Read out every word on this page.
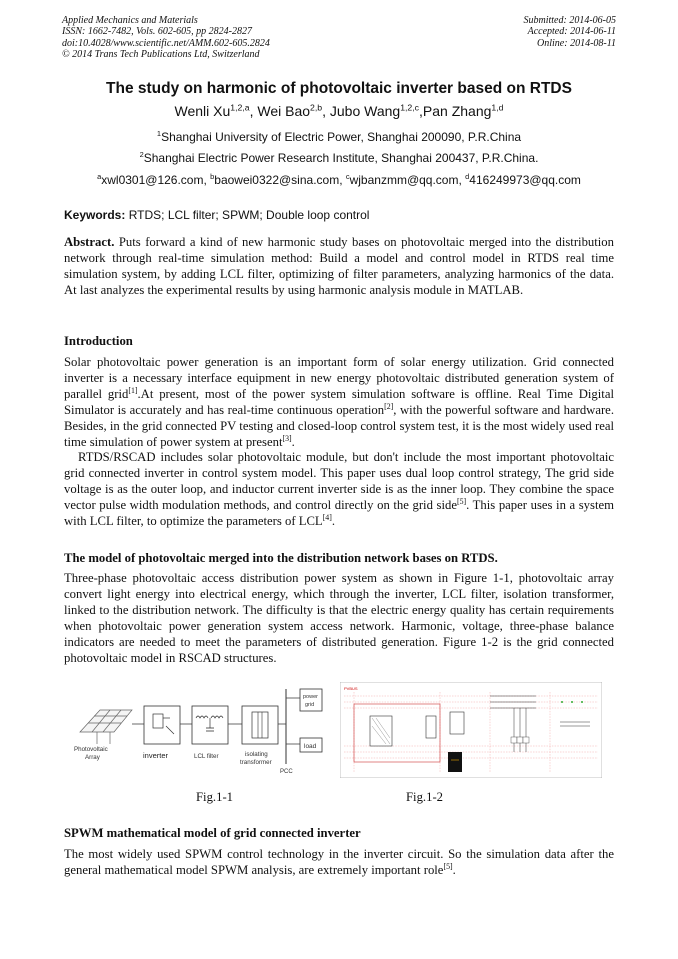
Applied Mechanics and Materials
ISSN: 1662-7482, Vols. 602-605, pp 2824-2827
doi:10.4028/www.scientific.net/AMM.602-605.2824
© 2014 Trans Tech Publications Ltd, Switzerland
Submitted: 2014-06-05
Accepted: 2014-06-11
Online: 2014-08-11
The study on harmonic of photovoltaic inverter based on RTDS
Wenli Xu$^{1,2,a}$, Wei Bao$^{2,b}$, Jubo Wang$^{1,2,c}$,Pan Zhang$^{1,d}$
$^1$Shanghai University of Electric Power, Shanghai 200090, P.R.China
$^2$Shanghai Electric Power Research Institute, Shanghai 200437, P.R.China.
$^a$xwl0301@126.com, $^b$baowei0322@sina.com, $^c$wjbanzmm@qq.com, $^d$416249973@qq.com
Keywords: RTDS; LCL filter; SPWM; Double loop control

Abstract. Puts forward a kind of new harmonic study bases on photovoltaic merged into the distribution network through real-time simulation method: Build a model and control model in RTDS real time simulation system, by adding LCL filter, optimizing of filter parameters, analyzing harmonics of the data. At last analyzes the experimental results by using harmonic analysis module in MATLAB.

Introduction

Solar photovoltaic power generation is an important form of solar energy utilization. Grid connected inverter is a necessary interface equipment in new energy photovoltaic distributed generation system of parallel grid[1].At present, most of the power system simulation software is offline. Real Time Digital Simulator is accurately and has real-time continuous operation[2], with the powerful software and hardware. Besides, in the grid connected PV testing and closed-loop control system test, it is the most widely used real time simulation of power system at present[3].

RTDS/RSCAD includes solar photovoltaic module, but don't include the most important photovoltaic grid connected inverter in control system model. This paper uses dual loop control strategy, The grid side voltage is as the outer loop, and inductor current inverter side is as the inner loop. They combine the space vector pulse width modulation methods, and control directly on the grid side[5]. This paper uses in a system with LCL filter, to optimize the parameters of LCL[4].

The model of photovoltaic merged into the distribution network bases on RTDS.

Three-phase photovoltaic access distribution power system as shown in Figure 1-1, photovoltaic array convert light energy into electrical energy, which through the inverter, LCL filter, isolation transformer, linked to the distribution network. The difficulty is that the electric energy quality has certain requirements when photovoltaic power generation system access network. Harmonic, voltage, three-phase balance indicators are needed to meet the parameters of distributed generation. Figure 1-2 is the grid connected photovoltaic model in RSCAD structures.

Photovoltaic
Array	inverter	LCL filter	isolating
transformer
PCC
power
grid
load
PVBUS
Fig.1-1	Fig.1-2
SPWM mathematical model of grid connected inverter

The most widely used SPWM control technology in the inverter circuit. So the simulation data after the general mathematical model SPWM analysis, are extremely important role[5].
